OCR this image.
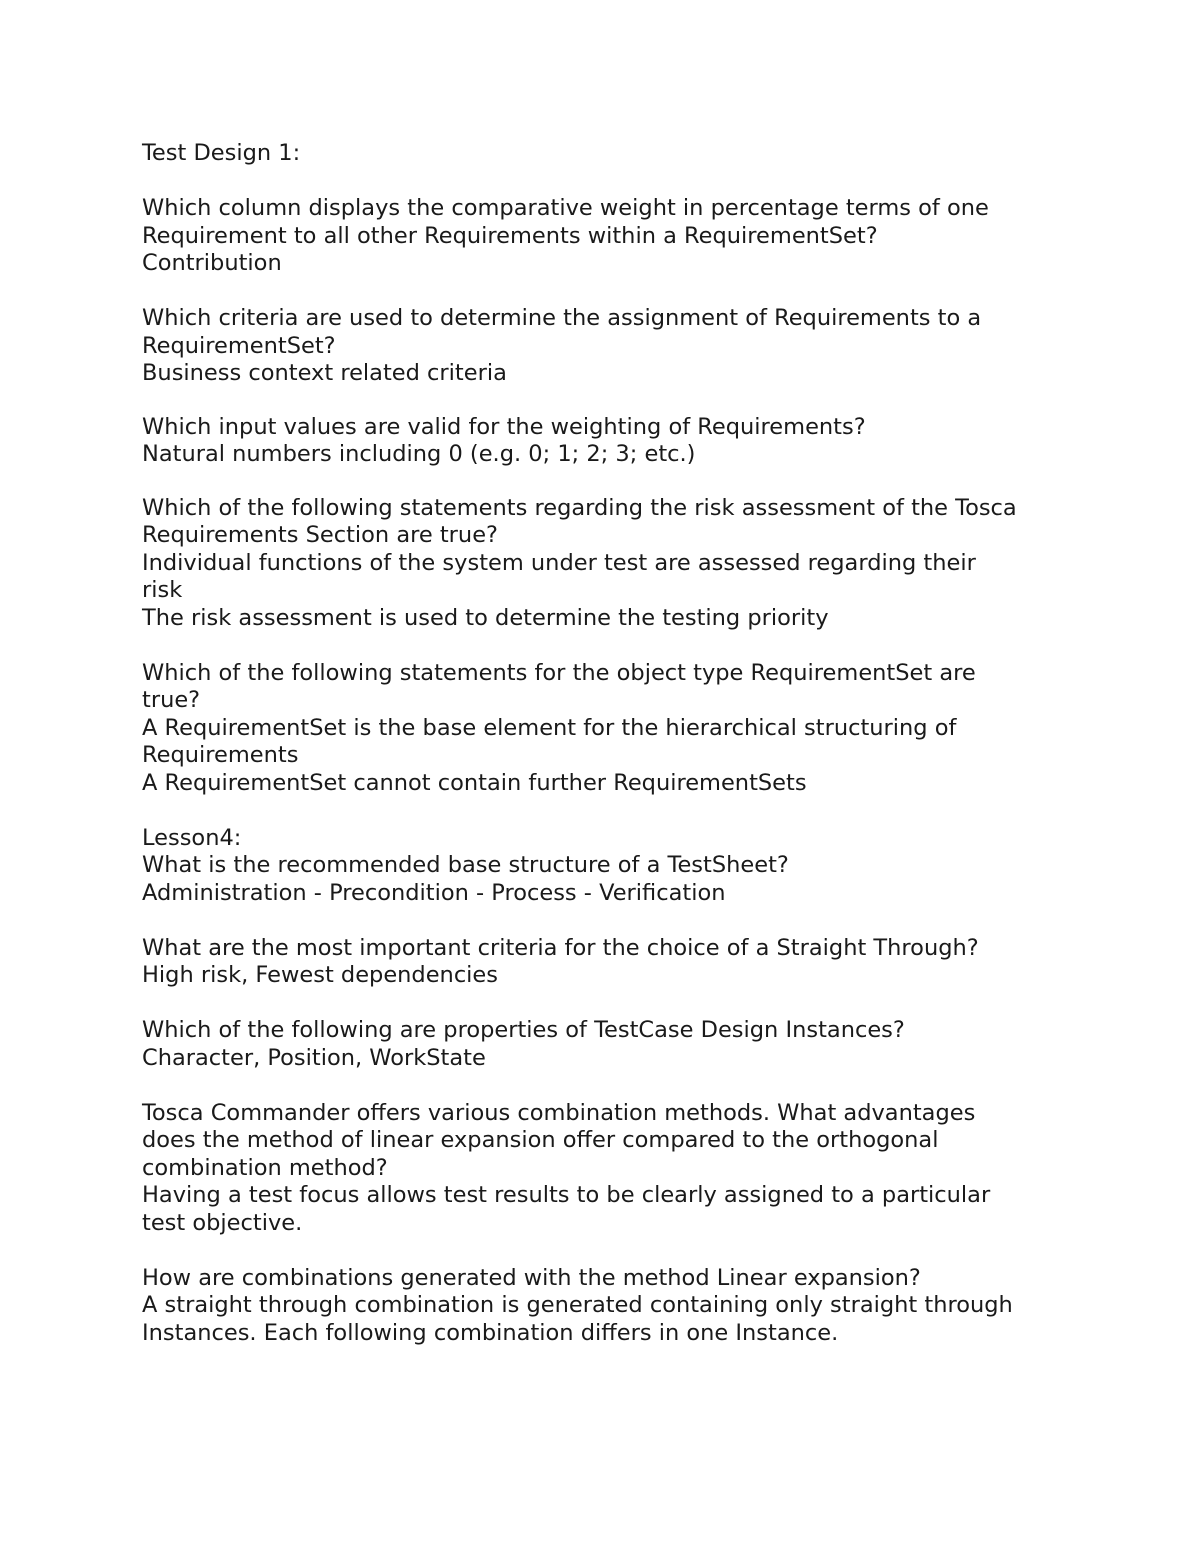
Test Design 1:
Which column displays the comparative weight in percentage terms of one
Requirement to all other Requirements within a RequirementSet?
Contribution
Which criteria are used to determine the assignment of Requirements to a
RequirementSet?
Business context related criteria
Which input values are valid for the weighting of Requirements?
Natural numbers including 0 (e.g. 0; 1; 2; 3; etc.)
Which of the following statements regarding the risk assessment of the Tosca
Requirements Section are true?
Individual functions of the system under test are assessed regarding their
risk
The risk assessment is used to determine the testing priority
Which of the following statements for the object type RequirementSet are
true?
A RequirementSet is the base element for the hierarchical structuring of
Requirements
A RequirementSet cannot contain further RequirementSets
Lesson4:
What is the recommended base structure of a TestSheet?
Administration - Precondition - Process - Verification
What are the most important criteria for the choice of a Straight Through?
High risk, Fewest dependencies
Which of the following are properties of TestCase Design Instances?
Character, Position, WorkState
Tosca Commander offers various combination methods. What advantages
does the method of linear expansion offer compared to the orthogonal
combination method?
Having a test focus allows test results to be clearly assigned to a particular
test objective.
How are combinations generated with the method Linear expansion?
A straight through combination is generated containing only straight through
Instances. Each following combination differs in one Instance.
